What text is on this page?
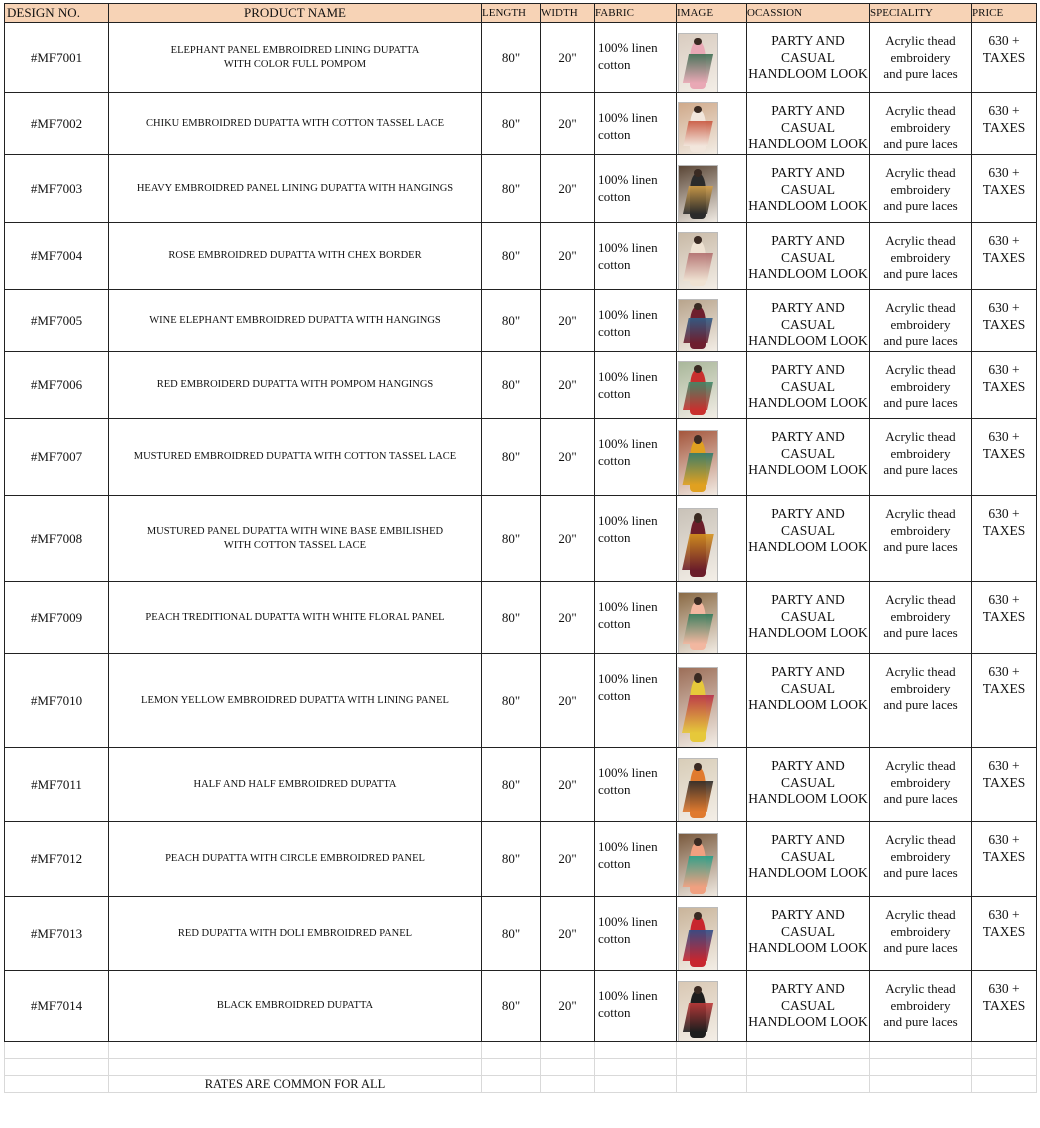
DESIGN NO.	PRODUCT NAME	LENGTH	WIDTH	FABRIC	IMAGE	OCASSION	SPECIALITY	PRICE
#MF7001	ELEPHANT PANEL EMBROIDRED LINING DUPATTA
WITH COLOR FULL POMPOM	80"	20"	100% linen
cotton		PARTY AND
CASUAL
HANDLOOM LOOK	Acrylic thead
embroidery
and pure laces	630 +
TAXES
#MF7002	CHIKU EMBROIDRED DUPATTA WITH COTTON TASSEL LACE	80"	20"	100% linen
cotton		PARTY AND
CASUAL
HANDLOOM LOOK	Acrylic thead
embroidery
and pure laces	630 +
TAXES
#MF7003	HEAVY EMBROIDRED PANEL LINING DUPATTA WITH HANGINGS	80"	20"	100% linen
cotton		PARTY AND
CASUAL
HANDLOOM LOOK	Acrylic thead
embroidery
and pure laces	630 +
TAXES
#MF7004	ROSE EMBROIDRED DUPATTA WITH CHEX BORDER	80"	20"	100% linen
cotton		PARTY AND
CASUAL
HANDLOOM LOOK	Acrylic thead
embroidery
and pure laces	630 +
TAXES
#MF7005	WINE ELEPHANT EMBROIDRED DUPATTA WITH HANGINGS	80"	20"	100% linen
cotton		PARTY AND
CASUAL
HANDLOOM LOOK	Acrylic thead
embroidery
and pure laces	630 +
TAXES
#MF7006	RED EMBROIDERD DUPATTA WITH POMPOM HANGINGS	80"	20"	100% linen
cotton		PARTY AND
CASUAL
HANDLOOM LOOK	Acrylic thead
embroidery
and pure laces	630 +
TAXES
#MF7007	MUSTURED EMBROIDRED DUPATTA WITH COTTON TASSEL LACE	80"	20"	100% linen
cotton		PARTY AND
CASUAL
HANDLOOM LOOK	Acrylic thead
embroidery
and pure laces	630 +
TAXES
#MF7008	MUSTURED PANEL DUPATTA WITH WINE BASE EMBILISHED
WITH COTTON TASSEL LACE	80"	20"	100% linen
cotton		PARTY AND
CASUAL
HANDLOOM LOOK	Acrylic thead
embroidery
and pure laces	630 +
TAXES
#MF7009	PEACH TREDITIONAL DUPATTA WITH WHITE FLORAL PANEL	80"	20"	100% linen
cotton		PARTY AND
CASUAL
HANDLOOM LOOK	Acrylic thead
embroidery
and pure laces	630 +
TAXES
#MF7010	LEMON YELLOW EMBROIDRED DUPATTA WITH LINING PANEL	80"	20"	100% linen
cotton		PARTY AND
CASUAL
HANDLOOM LOOK	Acrylic thead
embroidery
and pure laces	630 +
TAXES
#MF7011	HALF AND HALF EMBROIDRED DUPATTA	80"	20"	100% linen
cotton		PARTY AND
CASUAL
HANDLOOM LOOK	Acrylic thead
embroidery
and pure laces	630 +
TAXES
#MF7012	PEACH DUPATTA WITH CIRCLE EMBROIDRED PANEL	80"	20"	100% linen
cotton		PARTY AND
CASUAL
HANDLOOM LOOK	Acrylic thead
embroidery
and pure laces	630 +
TAXES
#MF7013	RED DUPATTA WITH DOLI EMBROIDRED PANEL	80"	20"	100% linen
cotton		PARTY AND
CASUAL
HANDLOOM LOOK	Acrylic thead
embroidery
and pure laces	630 +
TAXES
#MF7014	BLACK EMBROIDRED DUPATTA	80"	20"	100% linen
cotton		PARTY AND
CASUAL
HANDLOOM LOOK	Acrylic thead
embroidery
and pure laces	630 +
TAXES

	RATES ARE COMMON FOR ALL							
